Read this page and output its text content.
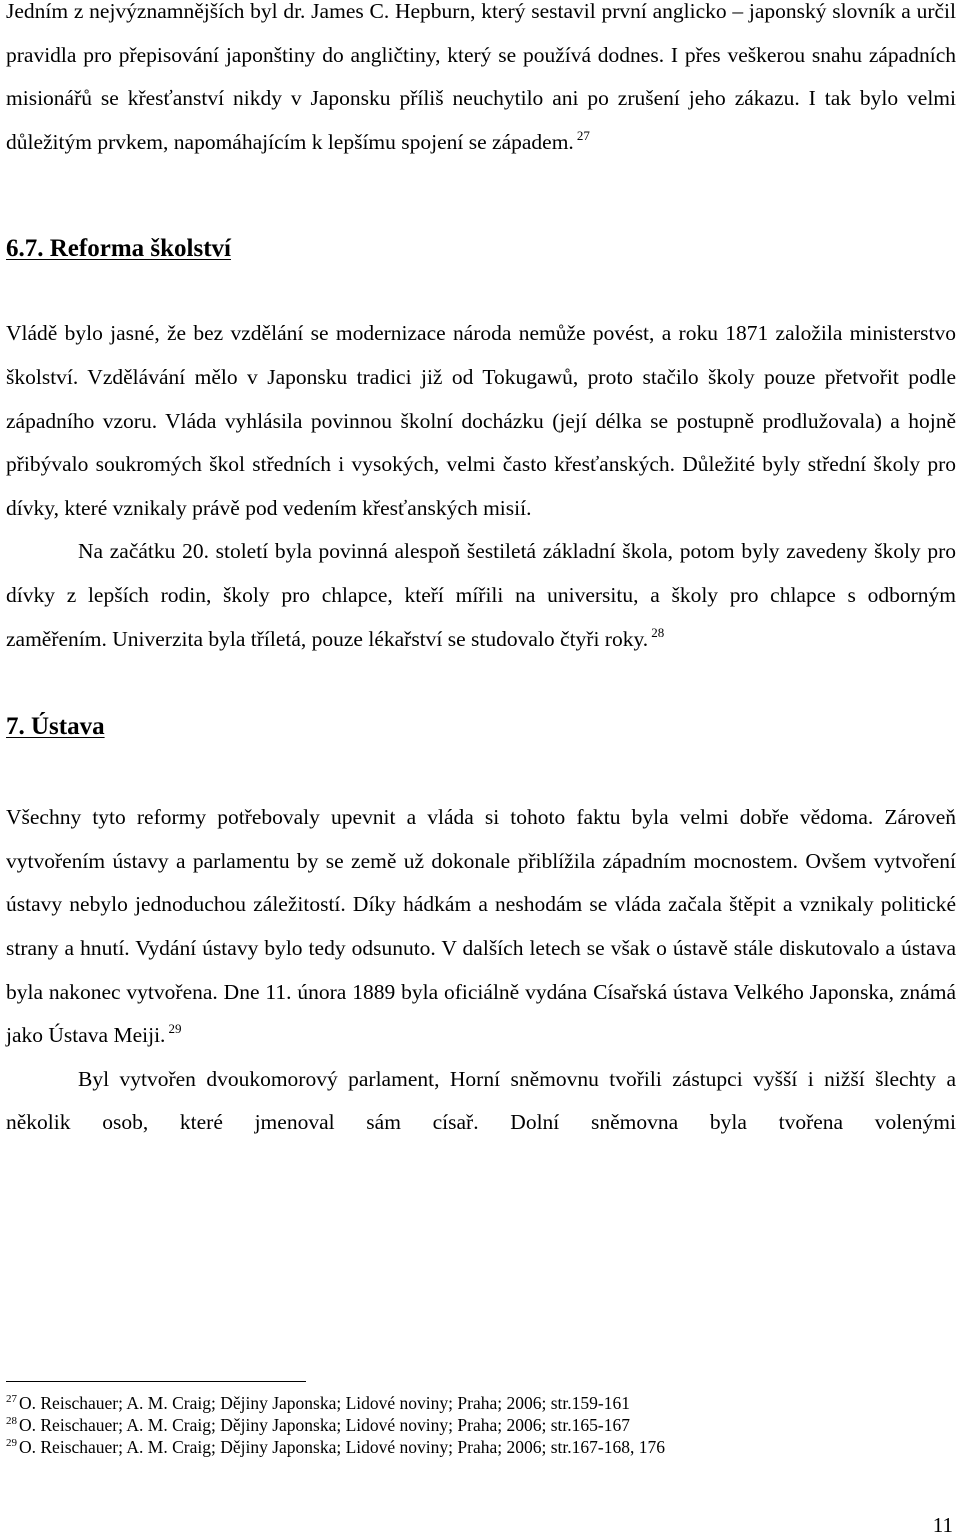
Jedním z nejvýznamnějších byl dr. James C. Hepburn, který sestavil první anglicko – japonský slovník a určil pravidla pro přepisování japonštiny do angličtiny, který se používá dodnes. I přes veškerou snahu západních misionářů se křesťanství nikdy v Japonsku příliš neuchytilo ani po zrušení jeho zákazu. I tak bylo velmi důležitým prvkem, napomáhajícím k lepšímu spojení se západem. $^{27}$

6.7. Reforma školství

Vládě bylo jasné, že bez vzdělání se modernizace národa nemůže povést, a roku 1871 založila ministerstvo školství. Vzdělávání mělo v Japonsku tradici již od Tokugawů, proto stačilo školy pouze přetvořit podle západního vzoru. Vláda vyhlásila povinnou školní docházku (její délka se postupně prodlužovala) a hojně přibývalo soukromých škol středních i vysokých, velmi často křesťanských. Důležité byly střední školy pro dívky, které vznikaly právě pod vedením křesťanských misií.

Na začátku 20. století byla povinná alespoň šestiletá základní škola, potom byly zavedeny školy pro dívky z lepších rodin, školy pro chlapce, kteří mířili na universitu, a školy pro chlapce s odborným zaměřením. Univerzita byla tříletá, pouze lékařství se studovalo čtyři roky. $^{28}$

7. Ústava

Všechny tyto reformy potřebovaly upevnit a vláda si tohoto faktu byla velmi dobře vědoma. Zároveň vytvořením ústavy a parlamentu by se země už dokonale přiblížila západním mocnostem. Ovšem vytvoření ústavy nebylo jednoduchou záležitostí. Díky hádkám a neshodám se vláda začala štěpit a vznikaly politické strany a hnutí. Vydání ústavy bylo tedy odsunuto. V dalších letech se však o ústavě stále diskutovalo a ústava byla nakonec vytvořena. Dne 11. února 1889 byla oficiálně vydána Císařská ústava Velkého Japonska, známá jako Ústava Meiji. $^{29}$

Byl vytvořen dvoukomorový parlament, Horní sněmovnu tvořili zástupci vyšší i nižší šlechty a několik osob, které jmenoval sám císař. Dolní sněmovna byla tvořena volenými

$^{27}$ O. Reischauer; A. M. Craig; Dějiny Japonska; Lidové noviny; Praha; 2006; str.159-161

$^{28}$ O. Reischauer; A. M. Craig; Dějiny Japonska; Lidové noviny; Praha; 2006; str.165-167

$^{29}$ O. Reischauer; A. M. Craig; Dějiny Japonska; Lidové noviny; Praha; 2006; str.167-168, 176

11
